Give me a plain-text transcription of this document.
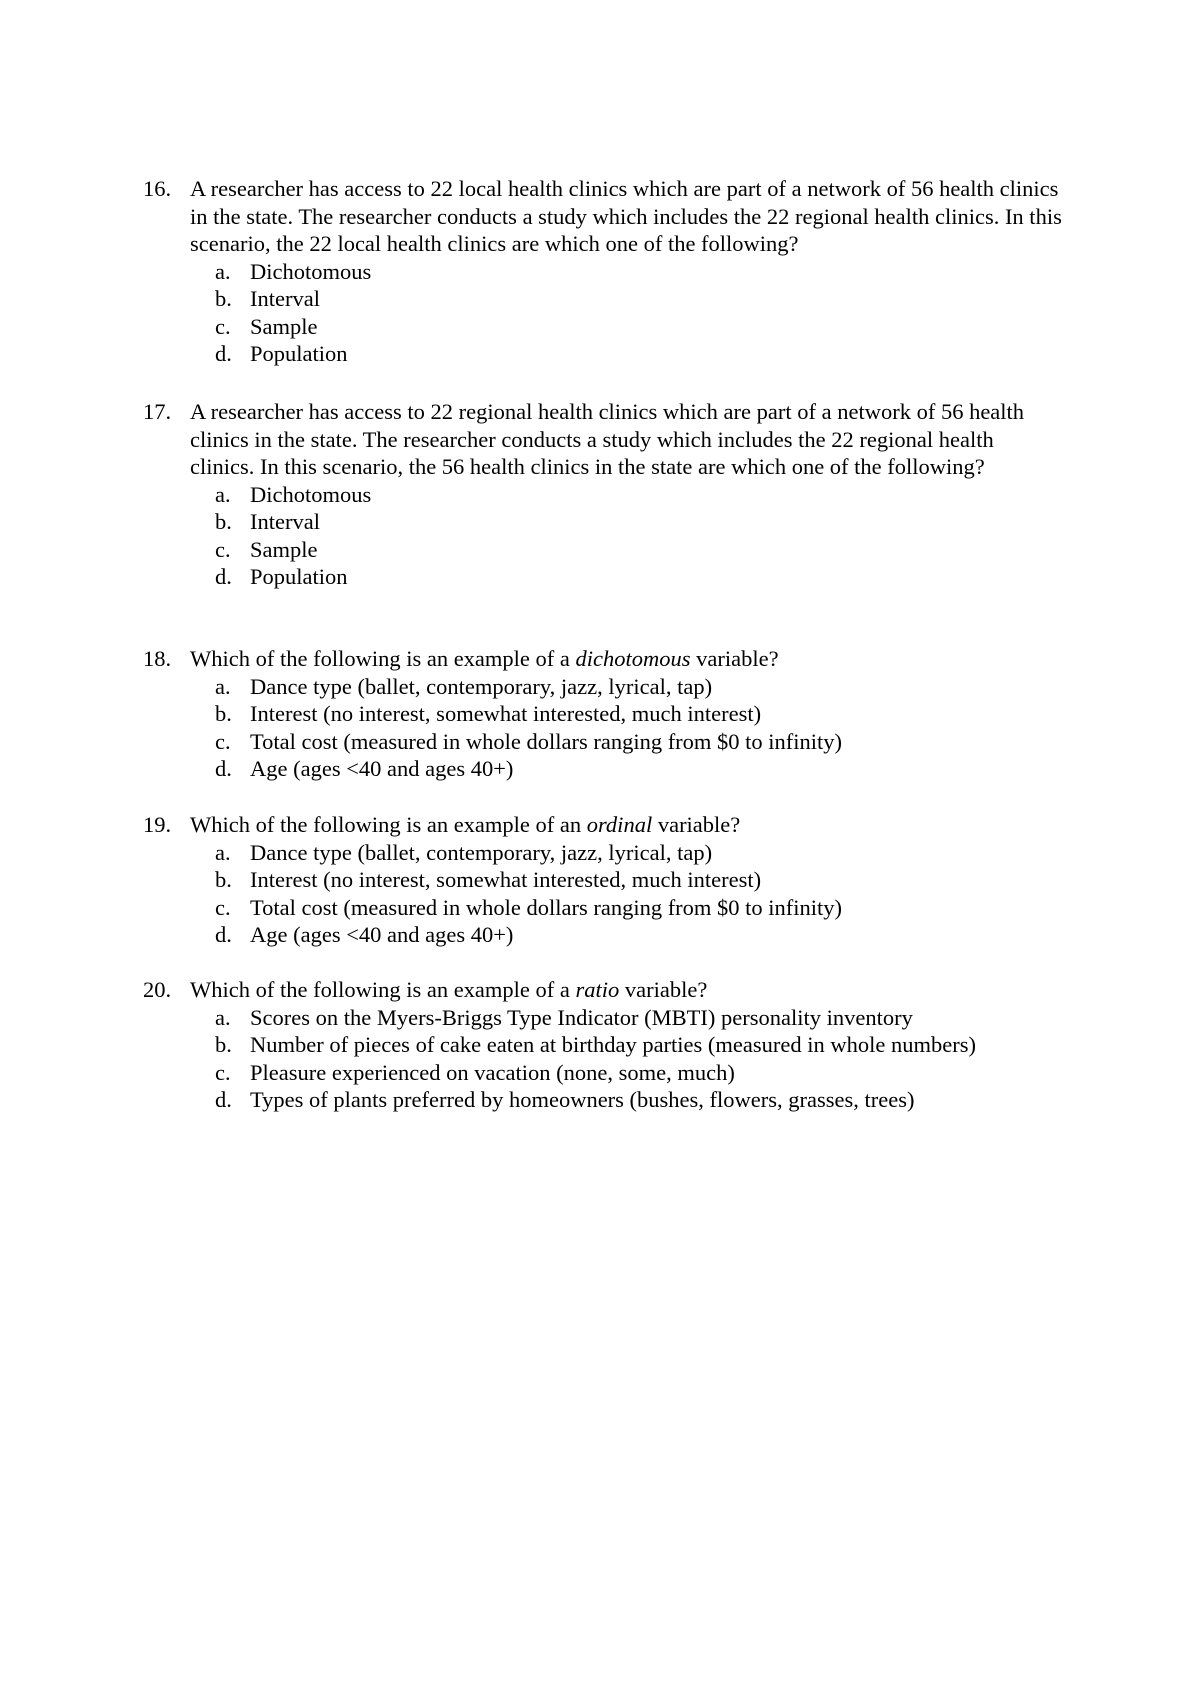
16. A researcher has access to 22 local health clinics which are part of a network of 56 health clinics in the state. The researcher conducts a study which includes the 22 regional health clinics. In this scenario, the 22 local health clinics are which one of the following?
a. Dichotomous
b. Interval
c. Sample
d. Population
17. A researcher has access to 22 regional health clinics which are part of a network of 56 health clinics in the state. The researcher conducts a study which includes the 22 regional health clinics. In this scenario, the 56 health clinics in the state are which one of the following?
a. Dichotomous
b. Interval
c. Sample
d. Population
18. Which of the following is an example of a dichotomous variable?
a. Dance type (ballet, contemporary, jazz, lyrical, tap)
b. Interest (no interest, somewhat interested, much interest)
c. Total cost (measured in whole dollars ranging from $0 to infinity)
d. Age (ages <40 and ages 40+)
19. Which of the following is an example of an ordinal variable?
a. Dance type (ballet, contemporary, jazz, lyrical, tap)
b. Interest (no interest, somewhat interested, much interest)
c. Total cost (measured in whole dollars ranging from $0 to infinity)
d. Age (ages <40 and ages 40+)
20. Which of the following is an example of a ratio variable?
a. Scores on the Myers-Briggs Type Indicator (MBTI) personality inventory
b. Number of pieces of cake eaten at birthday parties (measured in whole numbers)
c. Pleasure experienced on vacation (none, some, much)
d. Types of plants preferred by homeowners (bushes, flowers, grasses, trees)
